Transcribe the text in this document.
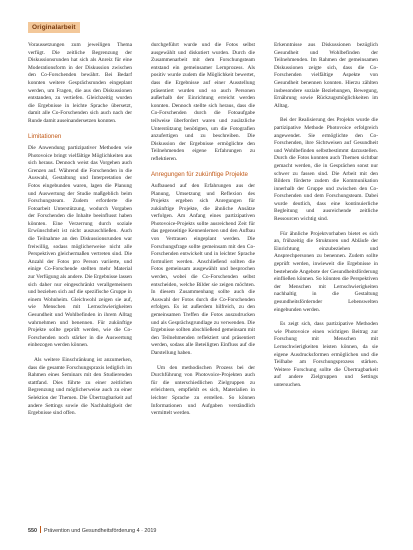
Originalarbeit

Voraussetzungen zum jeweiligen Thema verfügt. Die zeitliche Begrenzung der Diskussionsrunden hat sich als Anreiz für eine Moderationsform in der Diskussion zwischen den Co-Forschenden bewährt. Bei Bedarf konnten weitere Gesprächsrunden eingeplant werden, um Fragen, die aus den Diskussionen entstanden, zu vertiefen. Gleichzeitig wurden die Ergebnisse in leichte Sprache übersetzt, damit alle Co-Forschenden sich auch nach der Runde damit auseinandersetzen konnten.

Limitationen

Die Anwendung partizipativer Methoden wie Photovoice bringt vielfältige Möglichkeiten aus sich heraus. Dennoch weist das Vorgehen auch Grenzen auf. Während die Forschenden in die Auswahl, Gestaltung und Interpretation der Fotos eingebunden waren, lagen die Planung und Auswertung der Studie maßgeblich beim Forschungsteam. Zudem erforderte die Fotoarbeit Unterstützung, wodurch Vorgaben der Forschenden die Inhalte beeinflusst haben könnten. Eine Verzerrung durch soziale Erwünschtheit ist nicht auszuschließen. Auch die Teilnahme an den Diskussionsrunden war freiwillig, sodass möglicherweise nicht alle Perspektiven gleichermaßen vertreten sind. Die Anzahl der Fotos pro Person variierte, und einige Co-Forschende stellten mehr Material zur Verfügung als andere. Die Ergebnisse lassen sich daher nur eingeschränkt verallgemeinern und beziehen sich auf die spezifische Gruppe in einem Wohnheim. Gleichwohl zeigen sie auf, wie Menschen mit Lernschwierigkeiten Gesundheit und Wohlbefinden in ihrem Alltag wahrnehmen und benennen. Für zukünftige Projekte sollte geprüft werden, wie die Co-Forschenden noch stärker in die Auswertung einbezogen werden können.

Als weitere Einschränkung ist anzumerken, dass die gesamte Forschungspraxis lediglich im Rahmen eines Seminars mit den Studierenden stattfand. Dies führte zu einer zeitlichen Begrenzung und möglicherweise auch zu einer Selektion der Themen. Die Übertragbarkeit auf andere Settings sowie die Nachhaltigkeit der Ergebnisse sind offen.

durchgeführt wurde und die Fotos selbst ausgewählt und diskutiert wurden. Durch die Zusammenarbeit mit dem Forschungsteam entstand ein gemeinsamer Lernprozess. Als positiv wurde zudem die Möglichkeit bewertet, dass die Ergebnisse auf einer Ausstellung präsentiert wurden und so auch Personen außerhalb der Einrichtung erreicht werden konnten. Dennoch stellte sich heraus, dass die Co-Forschenden durch die Fotoaufgabe teilweise überfordert waren und zusätzliche Unterstützung benötigten, um die Fotografien anzufertigen und zu beschreiben. Die Diskussion der Ergebnisse ermöglichte den Teilnehmenden eigene Erfahrungen zu reflektieren.

Anregungen für zukünftige Projekte

Aufbauend auf den Erfahrungen aus der Planung, Umsetzung und Reflexion des Projekts ergeben sich Anregungen für zukünftige Projekte, die ähnliche Ansätze verfolgen. Am Anfang eines partizipativen Photovoice-Projekts sollte ausreichend Zeit für das gegenseitige Kennenlernen und den Aufbau von Vertrauen eingeplant werden. Die Forschungsfrage sollte gemeinsam mit den Co-Forschenden entwickelt und in leichter Sprache formuliert werden. Anschließend sollten die Fotos gemeinsam ausgewählt und besprochen werden, wobei die Co-Forschenden selbst entscheiden, welche Bilder sie zeigen möchten. In diesem Zusammenhang sollte auch die Auswahl der Fotos durch die Co-Forschenden erfolgen. Es ist außerdem hilfreich, zu den gemeinsamen Treffen die Fotos auszudrucken und als Gesprächsgrundlage zu verwenden. Die Ergebnisse sollten abschließend gemeinsam mit den Teilnehmenden reflektiert und präsentiert werden, sodass alle Beteiligten Einfluss auf die Darstellung haben.

Um den methodischen Prozess bei der Durchführung von Photovoice-Projekten auch für die unterschiedlichen Zielgruppen zu erleichtern, empfiehlt es sich, Materialien in leichter Sprache zu erstellen. So können Informationen und Aufgaben verständlich vermittelt werden.

Erkenntnisse aus Diskussionen bezüglich Gesundheit und Wohlbefinden der Teilnehmenden. Im Rahmen der gemeinsamen Diskussionen zeigte sich, dass die Co-Forschenden vielfältige Aspekte von Gesundheit benennen konnten. Hierzu zählten insbesondere soziale Beziehungen, Bewegung, Ernährung sowie Rückzugsmöglichkeiten im Alltag.

Bei der Realisierung des Projekts wurde die partizipative Methode Photovoice erfolgreich angewendet. Sie ermöglichte den Co-Forschenden, ihre Sichtweisen auf Gesundheit und Wohlbefinden selbstbestimmt darzustellen. Durch die Fotos konnten auch Themen sichtbar gemacht werden, die in Gesprächen sonst nur schwer zu fassen sind. Die Arbeit mit den Bildern förderte zudem die Kommunikation innerhalb der Gruppe und zwischen den Co-Forschenden und dem Forschungsteam. Dabei wurde deutlich, dass eine kontinuierliche Begleitung und ausreichende zeitliche Ressourcen wichtig sind.

Für ähnliche Projektvorhaben bietet es sich an, frühzeitig die Strukturen und Abläufe der Einrichtung einzubeziehen und Ansprechpersonen zu benennen. Zudem sollte geprüft werden, inwieweit die Ergebnisse in bestehende Angebote der Gesundheitsförderung einfließen können. So könnten die Perspektiven der Menschen mit Lernschwierigkeiten nachhaltig in die Gestaltung gesundheitsfördernder Lebenswelten eingebunden werden.

Es zeigt sich, dass partizipative Methoden wie Photovoice einen wichtigen Beitrag zur Forschung mit Menschen mit Lernschwierigkeiten leisten können, da sie eigene Ausdrucksformen ermöglichen und die Teilhabe am Forschungsprozess stärken. Weitere Forschung sollte die Übertragbarkeit auf andere Zielgruppen und Settings untersuchen.

550 Prävention und Gesundheitsförderung 4 · 2019
